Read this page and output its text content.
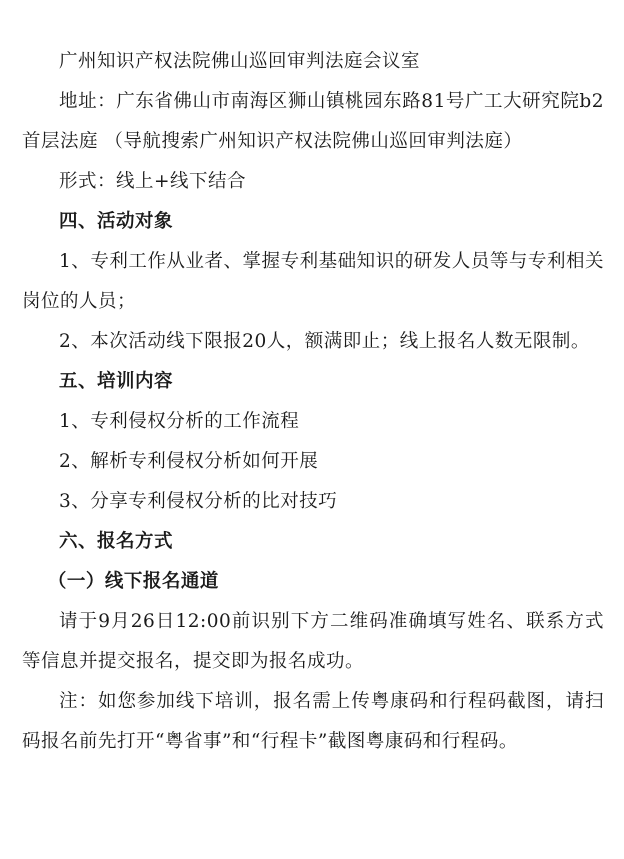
广州知识产权法院佛山巡回审判法庭会议室

地址：广东省佛山市南海区狮山镇桃园东路81号广工大研究院b2首层法庭 （导航搜索广州知识产权法院佛山巡回审判法庭）

形式：线上+线下结合

四、活动对象

1、专利工作从业者、掌握专利基础知识的研发人员等与专利相关岗位的人员；

2、本次活动线下限报20人，额满即止；线上报名人数无限制。

五、培训内容

1、专利侵权分析的工作流程

2、解析专利侵权分析如何开展

3、分享专利侵权分析的比对技巧

六、报名方式

（一）线下报名通道

请于9月26日12:00前识别下方二维码准确填写姓名、联系方式等信息并提交报名，提交即为报名成功。

注：如您参加线下培训，报名需上传粤康码和行程码截图，请扫码报名前先打开“粤省事”和“行程卡”截图粤康码和行程码。
